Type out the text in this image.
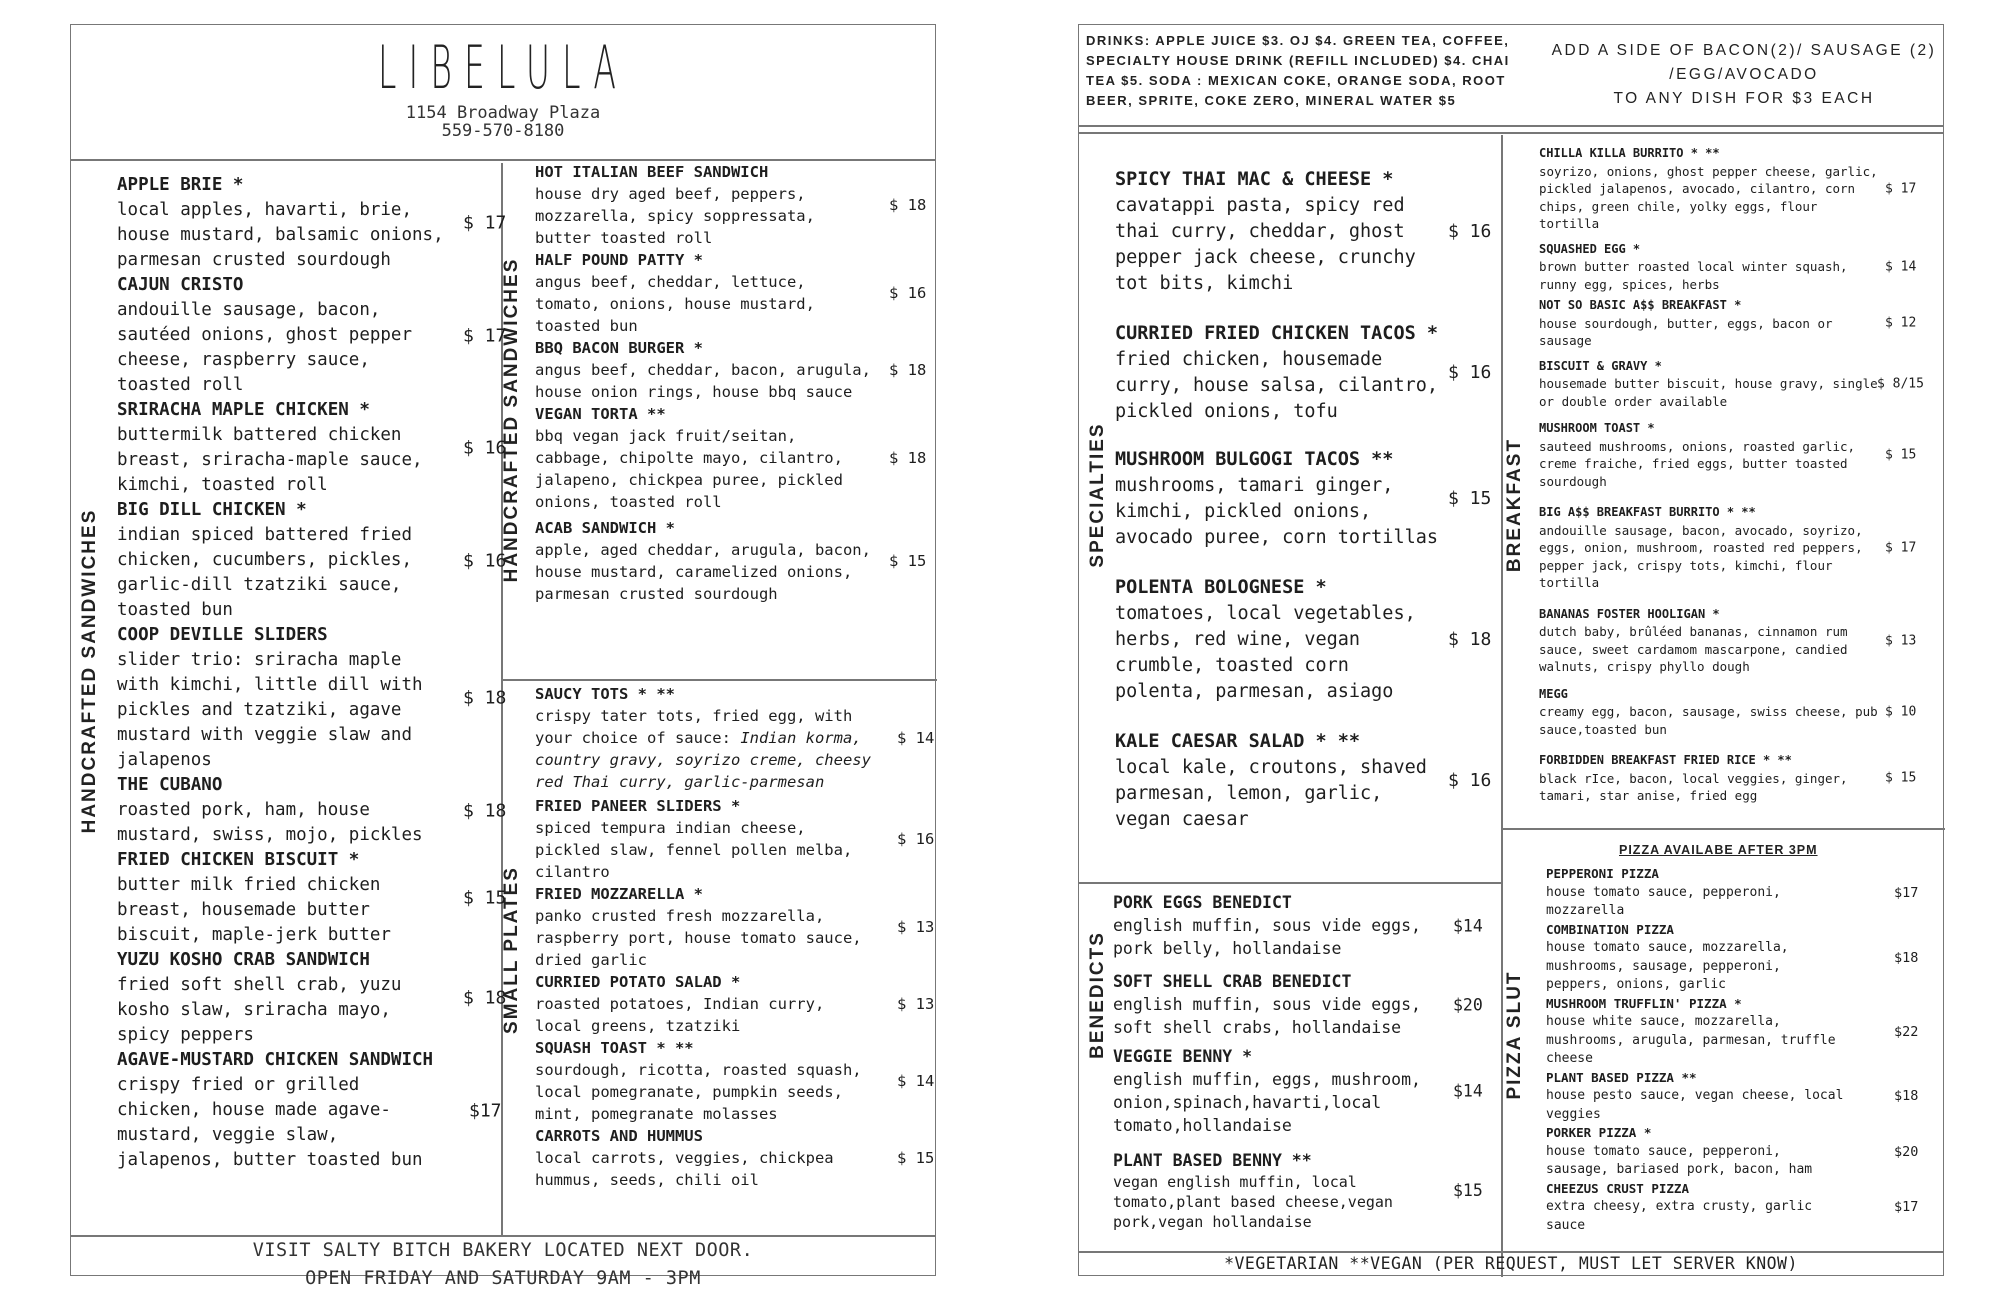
LIBELULA
1154 Broadway Plaza
559-570-8180
HANDCRAFTED SANDWICHES
HANDCRAFTED SANDWICHES
SMALL PLATES
APPLE BRIE *
local apples, havarti, brie, house mustard, balsamic onions, parmesan crusted sourdough
$ 17
CAJUN CRISTO
andouille sausage, bacon, sautéed onions, ghost pepper cheese, raspberry sauce, toasted roll
$ 17
SRIRACHA MAPLE CHICKEN *
buttermilk battered chicken breast, sriracha-maple sauce, kimchi, toasted roll
$ 16
BIG DILL CHICKEN *
indian spiced battered fried chicken, cucumbers, pickles, garlic-dill tzatziki sauce, toasted bun
$ 16
COOP DEVILLE SLIDERS
slider trio: sriracha maple with kimchi, little dill with pickles and tzatziki, agave mustard with veggie slaw and jalapenos
$ 18
THE CUBANO
roasted pork, ham, house mustard, swiss, mojo, pickles
$ 18
FRIED CHICKEN BISCUIT *
butter milk fried chicken breast, housemade butter biscuit, maple-jerk butter
$ 15
YUZU KOSHO CRAB SANDWICH
fried soft shell crab, yuzu kosho slaw, sriracha mayo, spicy peppers
$ 18
AGAVE-MUSTARD CHICKEN SANDWICH
crispy fried or grilled chicken, house made agave-mustard, veggie slaw, jalapenos, butter toasted bun
$17
HOT ITALIAN BEEF SANDWICH
house dry aged beef, peppers, mozzarella, spicy soppressata, butter toasted roll
$ 18
HALF POUND PATTY *
angus beef, cheddar, lettuce, tomato, onions, house mustard, toasted bun
$ 16
BBQ BACON BURGER *
angus beef, cheddar, bacon, arugula, house onion rings, house bbq sauce
$ 18
VEGAN TORTA **
bbq vegan jack fruit/seitan, cabbage, chipolte mayo, cilantro, jalapeno, chickpea puree, pickled onions, toasted roll
$ 18
ACAB SANDWICH *
apple, aged cheddar, arugula, bacon, house mustard, caramelized onions, parmesan crusted sourdough
$ 15
SAUCY TOTS * **
crispy tater tots, fried egg, with your choice of sauce: Indian korma, country gravy, soyrizo creme, cheesy red Thai curry, garlic-parmesan
$ 14
FRIED PANEER SLIDERS *
spiced tempura indian cheese, pickled slaw, fennel pollen melba, cilantro
$ 16
FRIED MOZZARELLA *
panko crusted fresh mozzarella, raspberry port, house tomato sauce, dried garlic
$ 13
CURRIED POTATO SALAD *
roasted potatoes, Indian curry, local greens, tzatziki
$ 13
SQUASH TOAST * **
sourdough, ricotta, roasted squash, local pomegranate, pumpkin seeds, mint, pomegranate molasses
$ 14
CARROTS AND HUMMUS
local carrots, veggies, chickpea hummus, seeds, chili oil
$ 15
VISIT SALTY BITCH BAKERY LOCATED NEXT DOOR.
OPEN FRIDAY AND SATURDAY 9AM - 3PM
DRINKS: APPLE JUICE $3. OJ $4. GREEN TEA, COFFEE, SPECIALTY HOUSE DRINK (REFILL INCLUDED) $4. CHAI TEA $5. SODA : MEXICAN COKE, ORANGE SODA, ROOT BEER, SPRITE, COKE ZERO, MINERAL WATER $5
ADD A SIDE OF BACON(2)/ SAUSAGE (2)
/EGG/AVOCADO
TO ANY DISH FOR $3 EACH
SPECIALTIES
BENEDICTS
BREAKFAST
PIZZA SLUT
SPICY THAI MAC & CHEESE *
cavatappi pasta, spicy red thai curry, cheddar, ghost pepper jack cheese, crunchy tot bits, kimchi
$ 16
CURRIED FRIED CHICKEN TACOS *
fried chicken, housemade curry, house salsa, cilantro, pickled onions, tofu
$ 16
MUSHROOM BULGOGI TACOS **
mushrooms, tamari ginger, kimchi, pickled onions, avocado puree, corn tortillas
$ 15
POLENTA BOLOGNESE *
tomatoes, local vegetables, herbs, red wine, vegan crumble, toasted corn polenta, parmesan, asiago
$ 18
KALE CAESAR SALAD * **
local kale, croutons, shaved parmesan, lemon, garlic, vegan caesar
$ 16
PORK EGGS BENEDICT
english muffin, sous vide eggs, pork belly, hollandaise
$14
SOFT SHELL CRAB BENEDICT
english muffin, sous vide eggs, soft shell crabs, hollandaise
$20
VEGGIE BENNY *
english muffin, eggs, mushroom, onion,spinach,havarti,local tomato,hollandaise
$14
PLANT BASED BENNY **
vegan english muffin, local tomato,plant based cheese,vegan pork,vegan hollandaise
$15
CHILLA KILLA BURRITO * **
soyrizo, onions, ghost pepper cheese, garlic, pickled jalapenos, avocado, cilantro, corn chips, green chile, yolky eggs, flour tortilla
$ 17
SQUASHED EGG *
brown butter roasted local winter squash, runny egg, spices, herbs
$ 14
NOT SO BASIC A$$ BREAKFAST *
house sourdough, butter, eggs, bacon or sausage
$ 12
BISCUIT & GRAVY *
housemade butter biscuit, house gravy, single or double order available
$ 8/15
MUSHROOM TOAST *
sauteed mushrooms, onions, roasted garlic, creme fraiche, fried eggs, butter toasted sourdough
$ 15
BIG A$$ BREAKFAST BURRITO * **
andouille sausage, bacon, avocado, soyrizo, eggs, onion, mushroom, roasted red peppers, pepper jack, crispy tots, kimchi, flour tortilla
$ 17
BANANAS FOSTER HOOLIGAN *
dutch baby, brûléed bananas, cinnamon rum sauce, sweet cardamom mascarpone, candied walnuts, crispy phyllo dough
$ 13
MEGG
creamy egg, bacon, sausage, swiss cheese, pub sauce,toasted bun
$ 10
FORBIDDEN BREAKFAST FRIED RICE * **
black rIce, bacon, local veggies, ginger, tamari, star anise, fried egg
$ 15
PIZZA AVAILABE AFTER 3PM
PEPPERONI PIZZA
house tomato sauce, pepperoni, mozzarella
$17
COMBINATION PIZZA
house tomato sauce, mozzarella, mushrooms, sausage, pepperoni, peppers, onions, garlic
$18
MUSHROOM TRUFFLIN' PIZZA *
house white sauce, mozzarella, mushrooms, arugula, parmesan, truffle cheese
$22
PLANT BASED PIZZA **
house pesto sauce, vegan cheese, local veggies
$18
PORKER PIZZA *
house tomato sauce, pepperoni, sausage, bariased pork, bacon, ham
$20
CHEEZUS CRUST PIZZA
extra cheesy, extra crusty, garlic sauce
$17
*VEGETARIAN **VEGAN (PER REQUEST, MUST LET SERVER KNOW)
